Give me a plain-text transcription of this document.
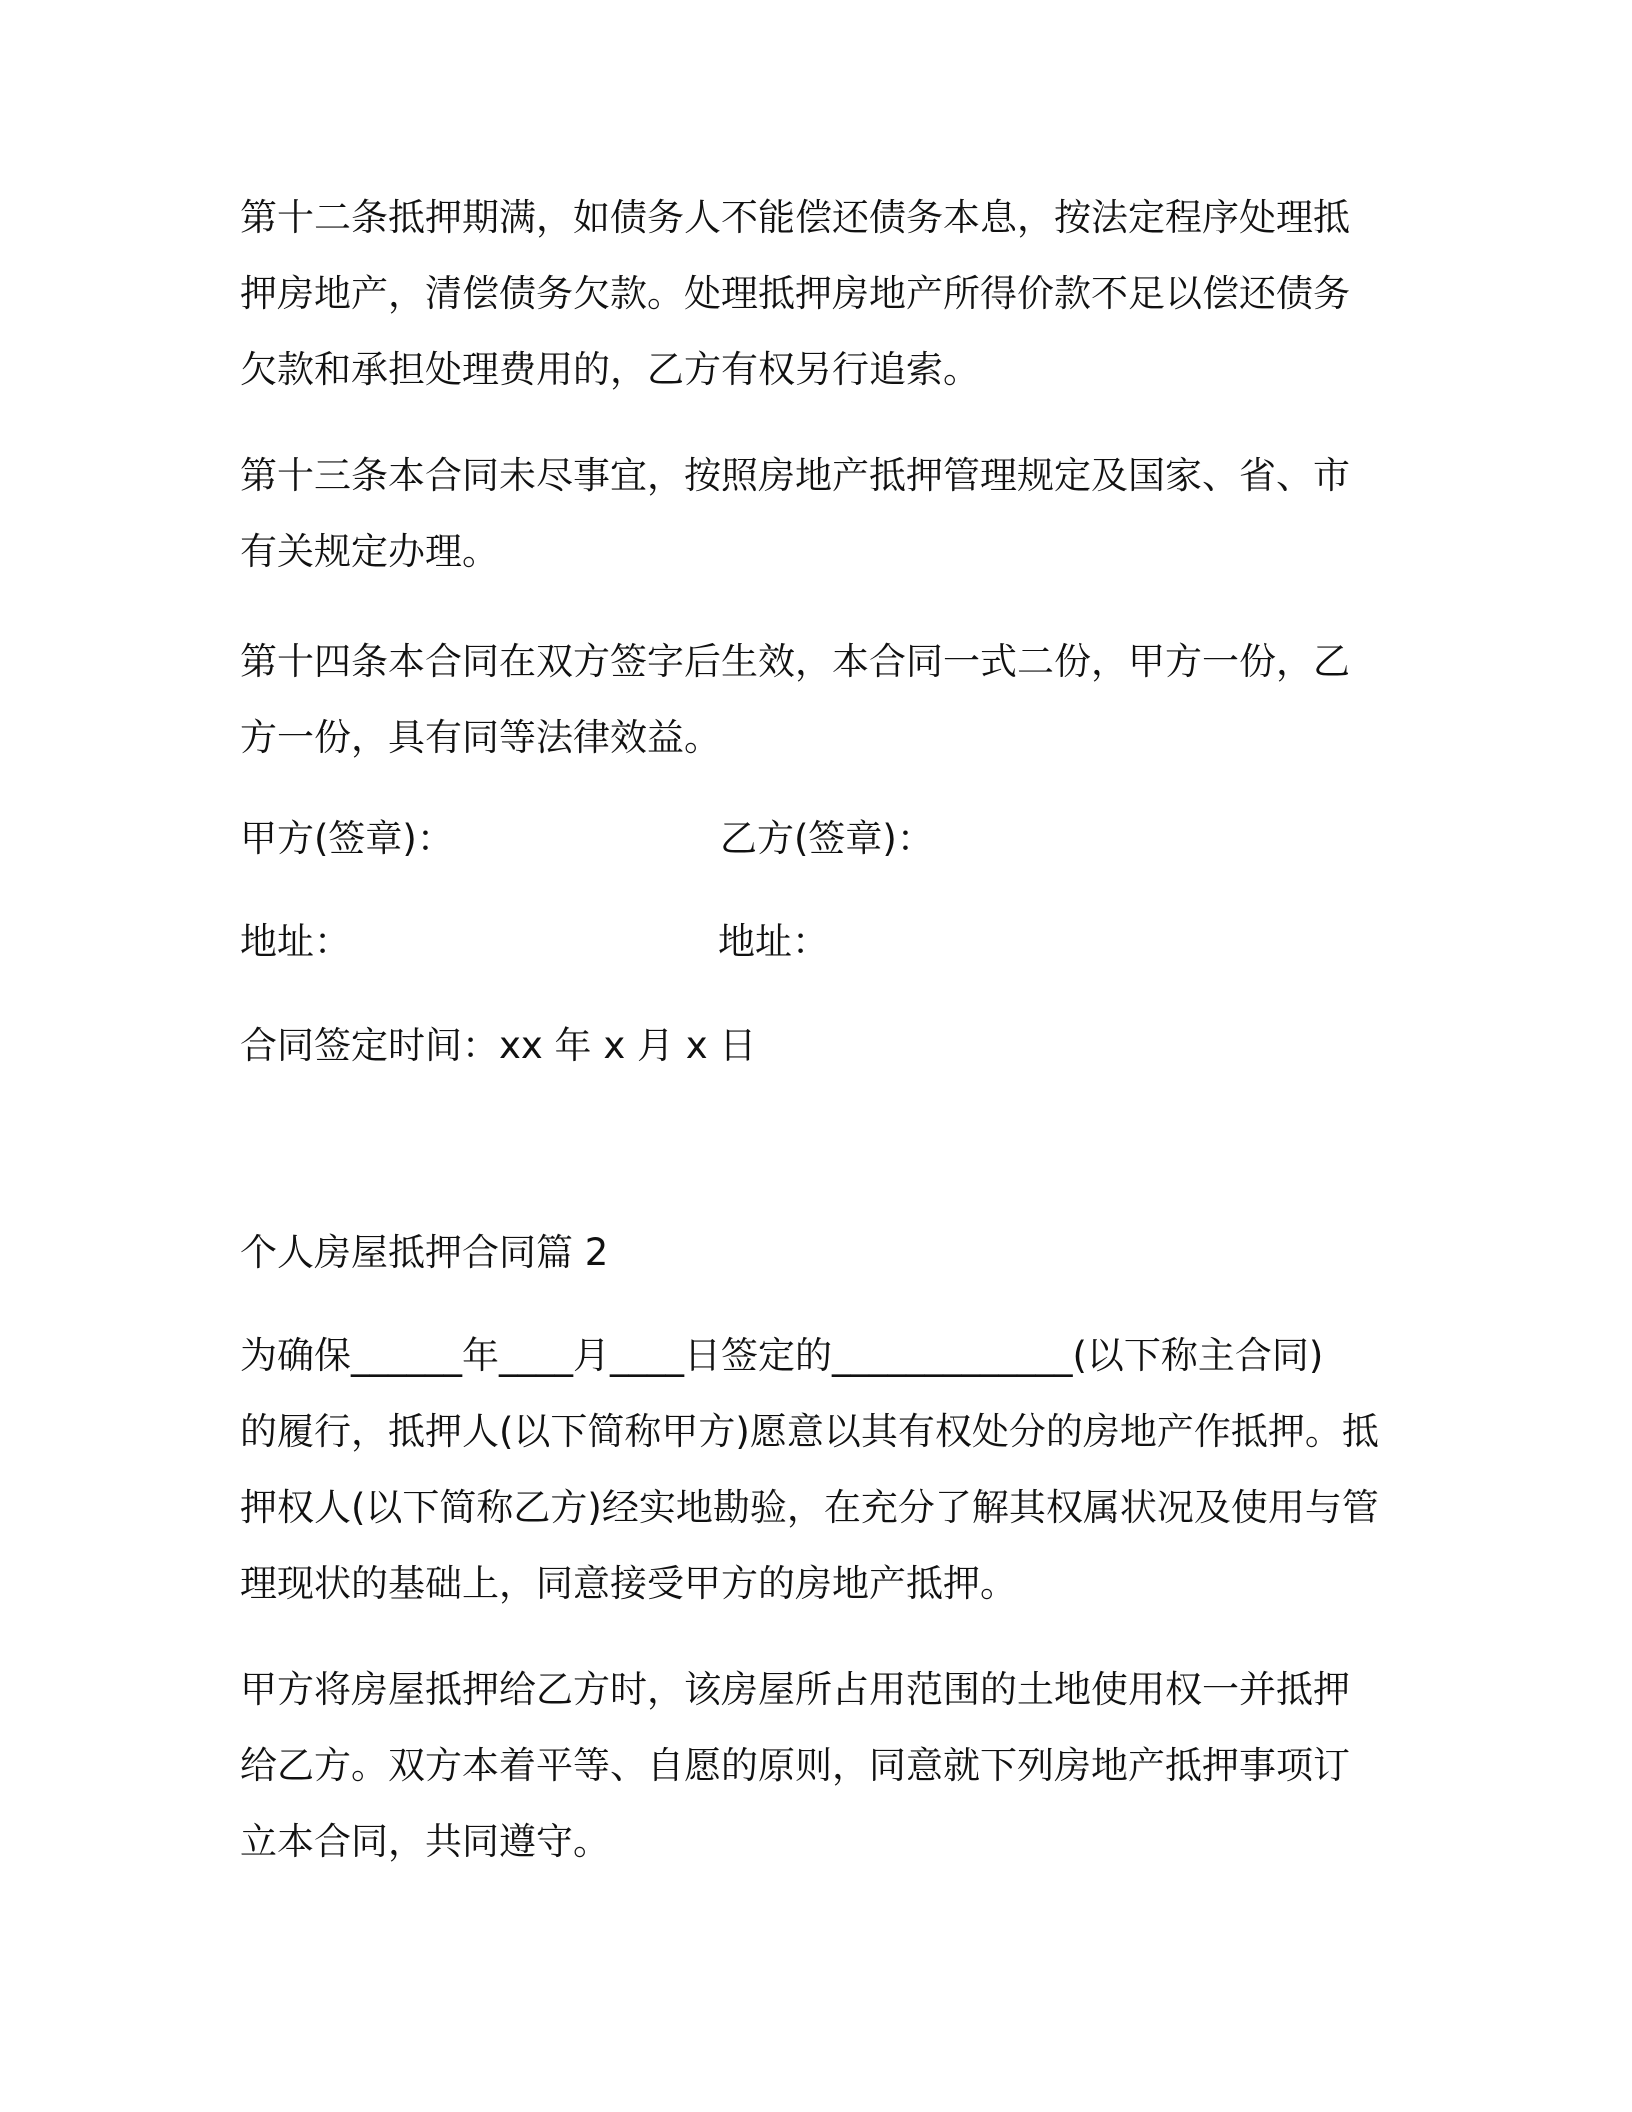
第十二条抵押期满，如债务人不能偿还债务本息，按法定程序处理抵
押房地产，清偿债务欠款。处理抵押房地产所得价款不足以偿还债务
欠款和承担处理费用的，乙方有权另行追索。

第十三条本合同未尽事宜，按照房地产抵押管理规定及国家、省、市
有关规定办理。

第十四条本合同在双方签字后生效，本合同一式二份，甲方一份，乙
方一份，具有同等法律效益。

甲方(签章)：	乙方(签章)：
地址：	地址：
合同签定时间：xx 年 x 月 x 日
个人房屋抵押合同篇 2

为确保______年____月____日签定的_____________(以下称主合同)
的履行，抵押人(以下简称甲方)愿意以其有权处分的房地产作抵押。抵
押权人(以下简称乙方)经实地勘验，在充分了解其权属状况及使用与管
理现状的基础上，同意接受甲方的房地产抵押。

甲方将房屋抵押给乙方时，该房屋所占用范围的土地使用权一并抵押
给乙方。双方本着平等、自愿的原则，同意就下列房地产抵押事项订
立本合同，共同遵守。
